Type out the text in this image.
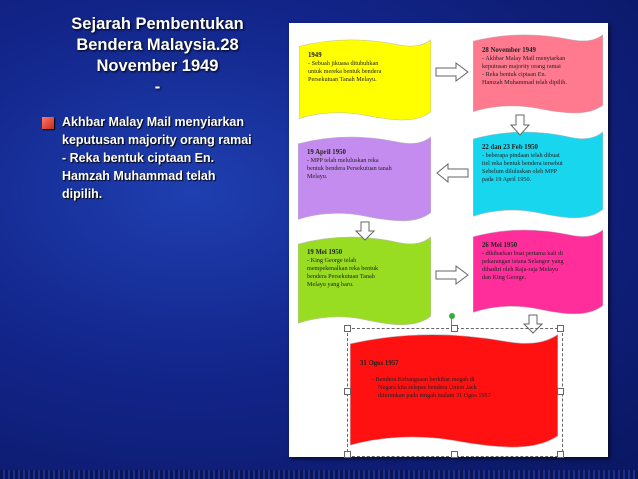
Sejarah Pembentukan
Bendera Malaysia.28
November 1949
-
Akhbar Malay Mail menyiarkan
keputusan majority orang ramai
- Reka bentuk ciptaan En.
Hamzah Muhammad telah
dipilih.
1949
- Sebuah jikuasa ditubuhkan
untuk mereka bentuk bendera
Persekutuan Tanah Melayu.
28 November 1949
- Akhbar Malay Mail menyiarkan
keputusan majority orang ramai
- Reka bentuk ciptaan En.
Hamzah Muhammad telah dipilih.
19 April 1950
- MPP telah meluluskan reka
bentuk bendera Persekutuan tanah
Melayu.
22 dan 23 Feb 1950
- beberapa pindaan telah dibuat
tiel reka bentuk bendera tersebut
Sebelum diluluskan oleh MPP
pada 19 April 1950.
19 Mei 1950
- King George telah
mempekenalkan reka bentuk
bendera Persekutuan Tanah
Melayu yang baru.
26 Mei 1950
- dikibarkan buat pertama kali di
pekarangan istana Selangor yang
dihadiri oleh Raja-raja Melayu
dan King George.
31 Ogos 1957
- Bendera Kebangsaan berkibar megah di
Negara kita selepas bendera Union Jack
diturunkan pada tengah malam 31 Ogos 1957
